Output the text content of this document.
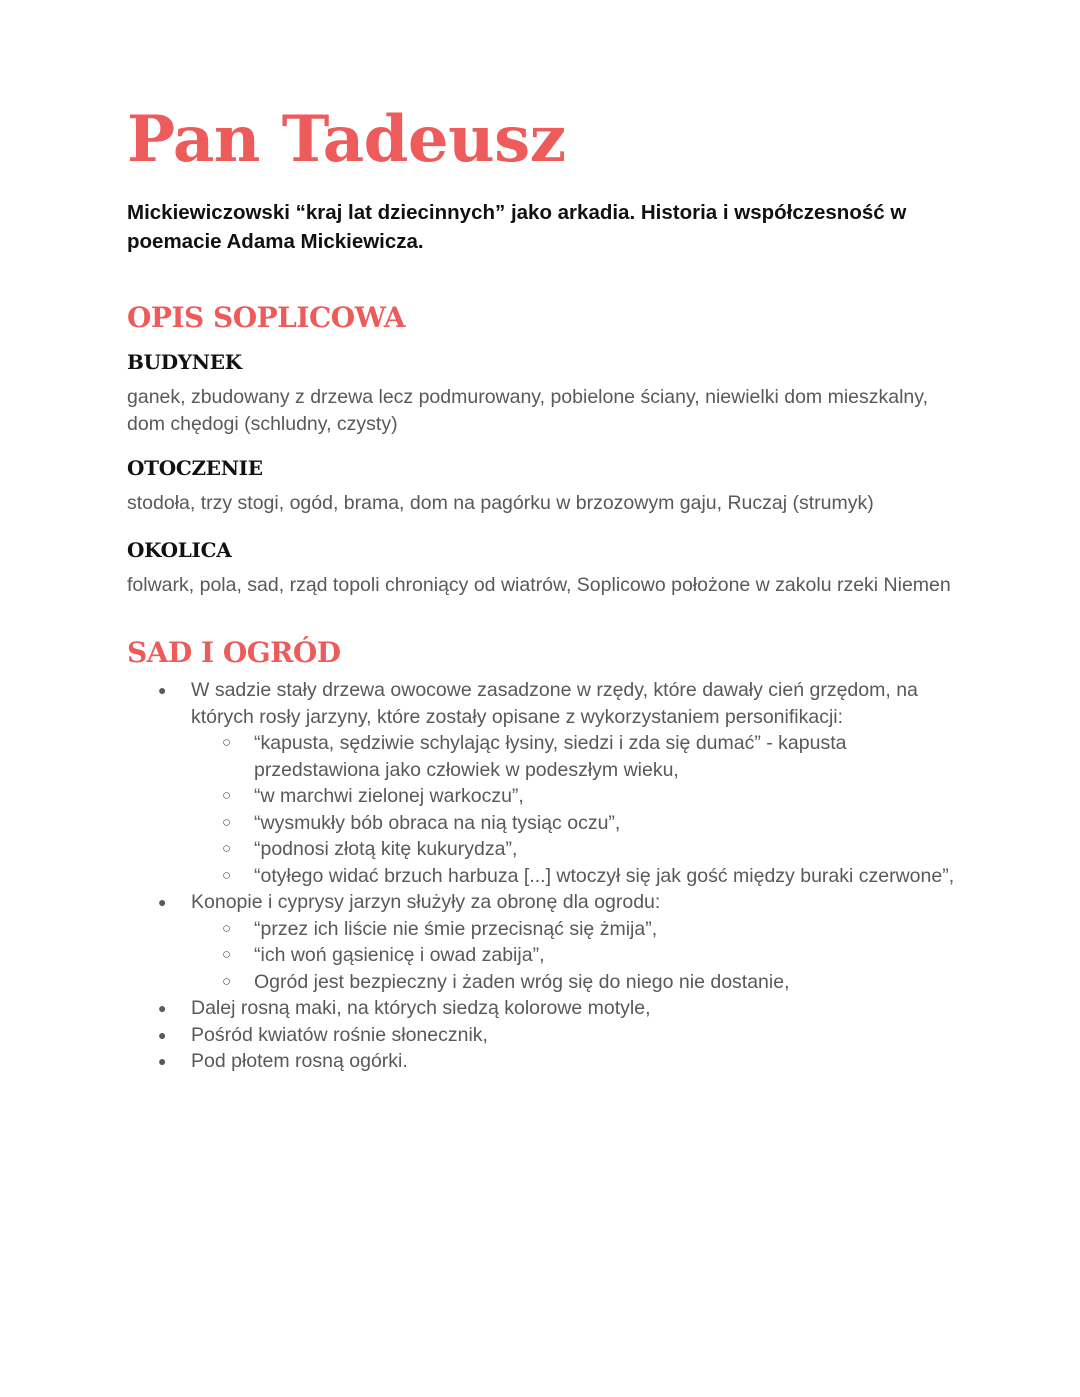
Pan Tadeusz

Mickiewiczowski “kraj lat dziecinnych” jako arkadia. Historia i współczesność w poemacie Adama Mickiewicza.

OPIS SOPLICOWA
BUDYNEK

ganek, zbudowany z drzewa lecz podmurowany, pobielone ściany, niewielki dom mieszkalny, dom chędogi (schludny, czysty)

OTOCZENIE

stodoła, trzy stogi, ogód, brama, dom na pagórku w brzozowym gaju, Ruczaj (strumyk)

OKOLICA

folwark, pola, sad, rząd topoli chroniący od wiatrów, Soplicowo położone w zakolu rzeki Niemen

SAD I OGRÓD
● W sadzie stały drzewa owocowe zasadzone w rzędy, które dawały cień grzędom, na których rosły jarzyny, które zostały opisane z wykorzystaniem personifikacji:
○ “kapusta, sędziwie schylając łysiny, siedzi i zda się dumać” - kapusta przedstawiona jako człowiek w podeszłym wieku,
○ “w marchwi zielonej warkoczu”,
○ “wysmukły bób obraca na nią tysiąc oczu”,
○ “podnosi złotą kitę kukurydza”,
○ “otyłego widać brzuch harbuza [...] wtoczył się jak gość między buraki czerwone”,
● Konopie i cyprysy jarzyn służyły za obronę dla ogrodu:
○ “przez ich liście nie śmie przecisnąć się żmija”,
○ “ich woń gąsienicę i owad zabija”,
○ Ogród jest bezpieczny i żaden wróg się do niego nie dostanie,
● Dalej rosną maki, na których siedzą kolorowe motyle,
● Pośród kwiatów rośnie słonecznik,
● Pod płotem rosną ogórki.
